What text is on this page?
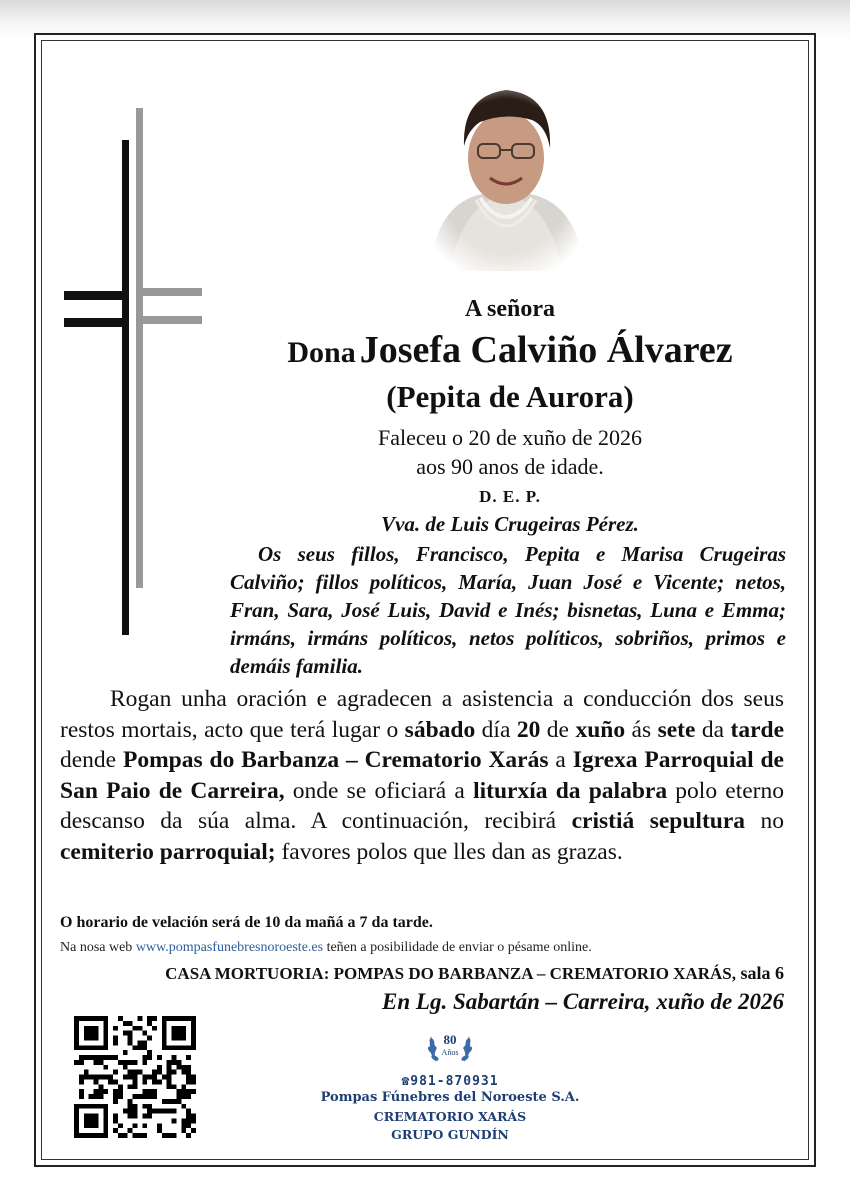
A señora
Dona Josefa Calviño Álvarez
(Pepita de Aurora)
Faleceu o 20 de xuño de 2026
aos 90 anos de idade.
D. E. P.
Vva. de Luis Crugeiras Pérez.
Os seus fillos, Francisco, Pepita e Marisa Crugeiras Calviño; fillos políticos, María, Juan José e Vicente; netos, Fran, Sara, José Luis, David e Inés; bisnetas, Luna e Emma; irmáns, irmáns políticos, netos políticos, sobriños, primos e demáis familia.
Rogan unha oración e agradecen a asistencia a conducción dos seus restos mortais, acto que terá lugar o sábado día 20 de xuño ás sete da tarde dende Pompas do Barbanza – Crematorio Xarás a Igrexa Parroquial de San Paio de Carreira, onde se oficiará a liturxía da palabra polo eterno descanso da súa alma. A continuación, recibirá cristiá sepultura no cemiterio parroquial; favores polos que lles dan as grazas.
O horario de velación será de 10 da mañá a 7 da tarde.
Na nosa web www.pompasfunebresnoroeste.es teñen a posibilidade de enviar o pésame online.
CASA MORTUORIA: POMPAS DO BARBANZA – CREMATORIO XARÁS, sala 6
En Lg. Sabartán – Carreira, xuño de 2026
80
Años
☎981-870931
Pompas Fúnebres del Noroeste S.A.
CREMATORIO XARÁS
GRUPO GUNDÍN
